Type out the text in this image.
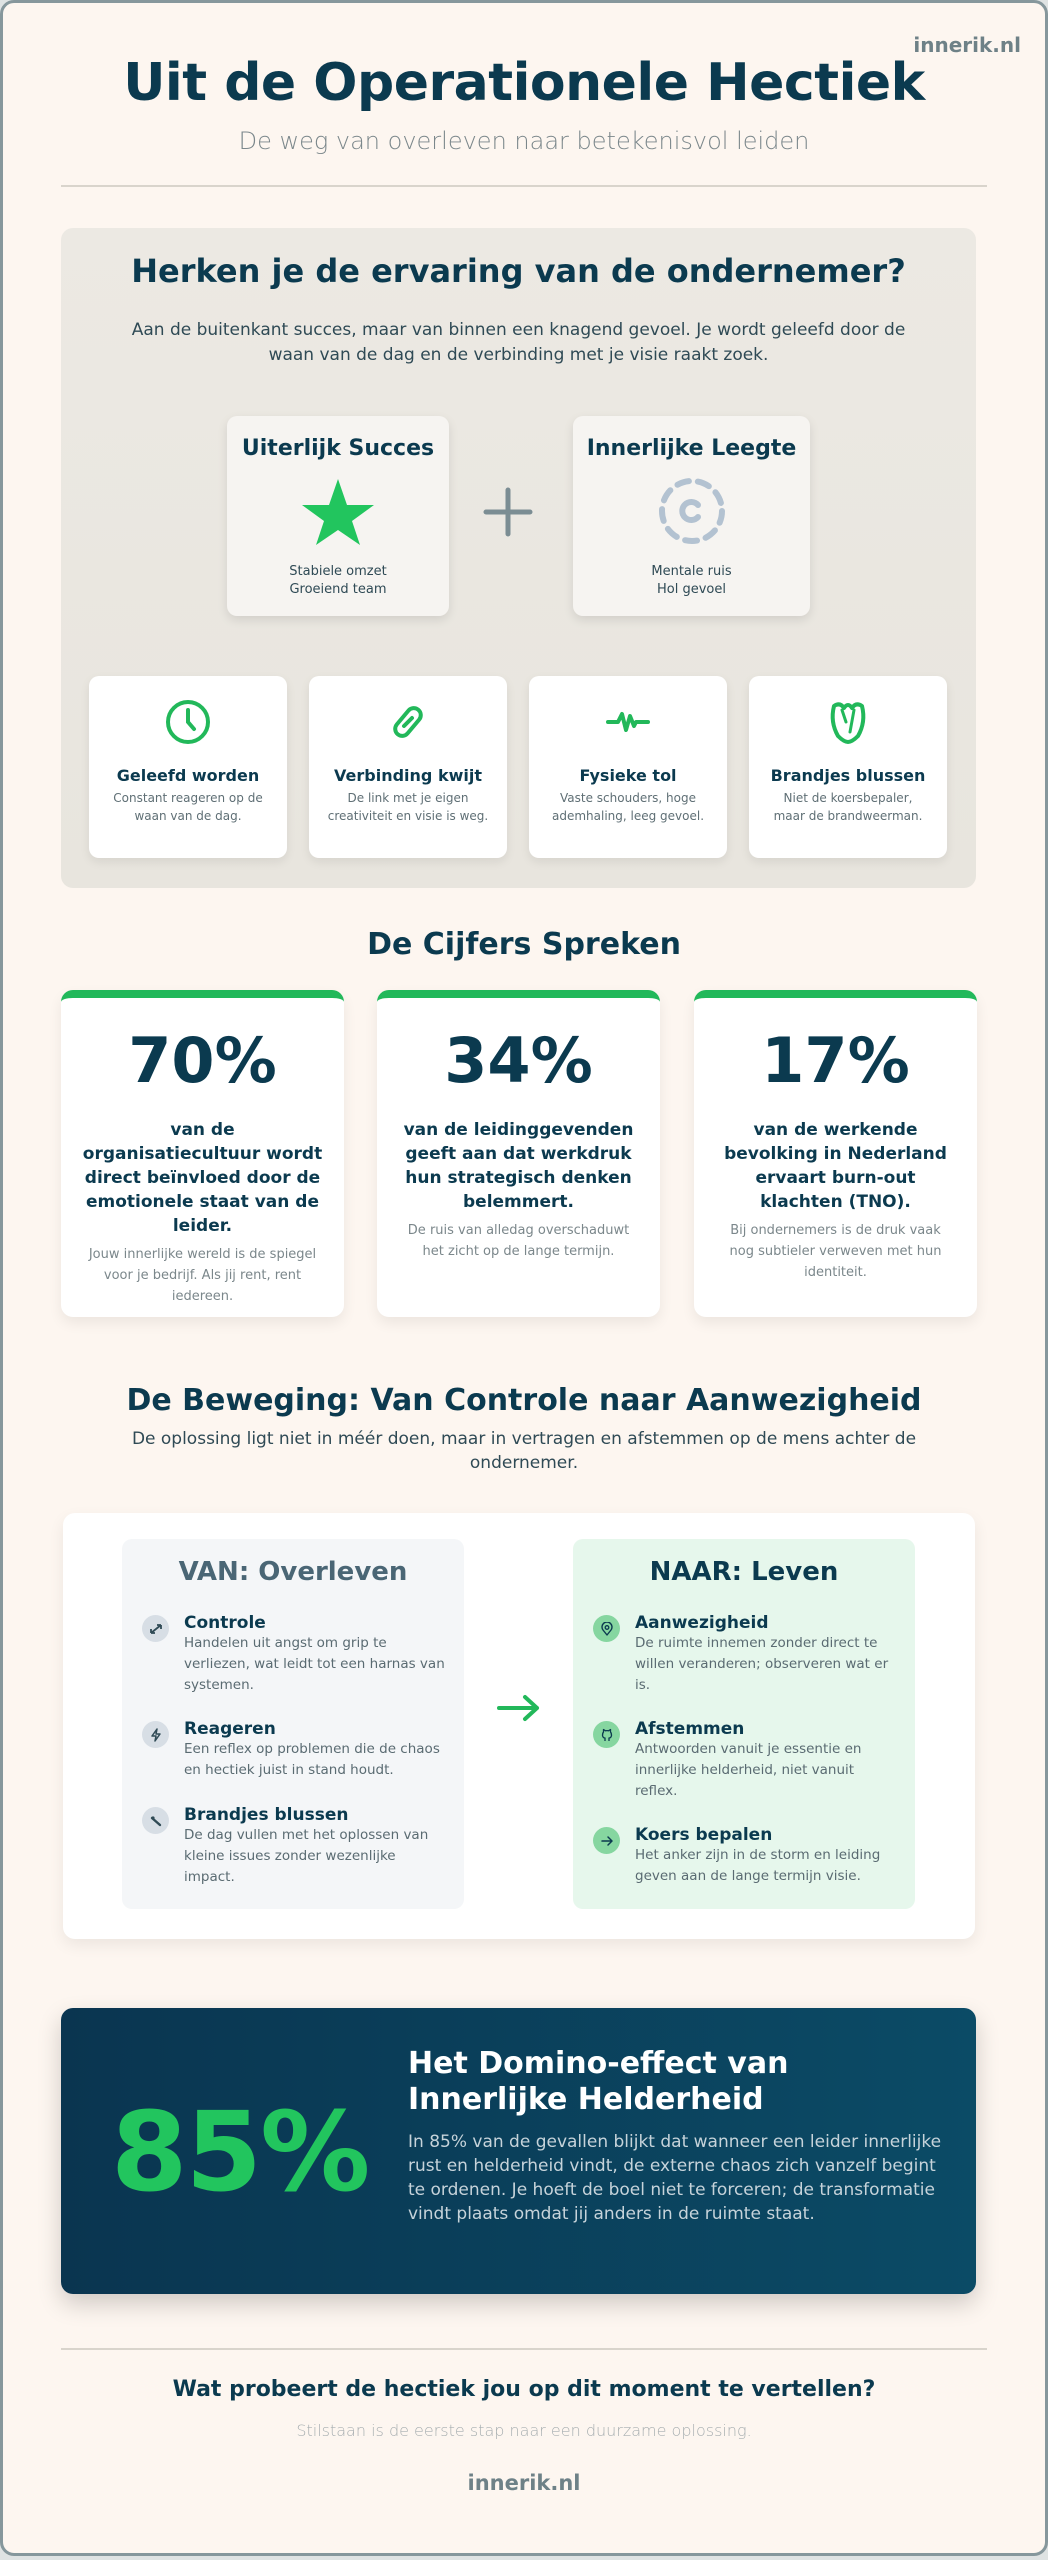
innerik.nl
Uit de Operationele Hectiek
De weg van overleven naar betekenisvol leiden
Herken je de ervaring van de ondernemer?

Aan de buitenkant succes, maar van binnen een knagend gevoel. Je wordt geleefd door de waan van de dag en de verbinding met je visie raakt zoek.

Uiterlijk Succes
Stabiele omzet
Groeiend team
Innerlijke Leegte
Mentale ruis
Hol gevoel
Geleefd worden
Constant reageren op de waan van de dag.
Verbinding kwijt
De link met je eigen creativiteit en visie is weg.
Fysieke tol
Vaste schouders, hoge ademhaling, leeg gevoel.
Brandjes blussen
Niet de koersbepaler, maar de brandweerman.
De Cijfers Spreken
70%
van de organisatiecultuur wordt direct beïnvloed door de emotionele staat van de leider.
Jouw innerlijke wereld is de spiegel voor je bedrijf. Als jij rent, rent iedereen.
34%
van de leidinggevenden geeft aan dat werkdruk hun strategisch denken belemmert.
De ruis van alledag overschaduwt het zicht op de lange termijn.
17%
van de werkende bevolking in Nederland ervaart burn-out klachten (TNO).
Bij ondernemers is de druk vaak nog subtieler verweven met hun identiteit.
De Beweging: Van Controle naar Aanwezigheid

De oplossing ligt niet in méér doen, maar in vertragen en afstemmen op de mens achter de ondernemer.

VAN: Overleven
Controle
Handelen uit angst om grip te verliezen, wat leidt tot een harnas van systemen.
Reageren
Een reflex op problemen die de chaos en hectiek juist in stand houdt.
Brandjes blussen
De dag vullen met het oplossen van kleine issues zonder wezenlijke impact.
NAAR: Leven
Aanwezigheid
De ruimte innemen zonder direct te willen veranderen; observeren wat er is.
Afstemmen
Antwoorden vanuit je essentie en innerlijke helderheid, niet vanuit reflex.
Koers bepalen
Het anker zijn in de storm en leiding geven aan de lange termijn visie.
85%
Het Domino-effect van Innerlijke Helderheid

In 85% van de gevallen blijkt dat wanneer een leider innerlijke rust en helderheid vindt, de externe chaos zich vanzelf begint te ordenen. Je hoeft de boel niet te forceren; de transformatie vindt plaats omdat jij anders in de ruimte staat.

Wat probeert de hectiek jou op dit moment te vertellen?
Stilstaan is de eerste stap naar een duurzame oplossing.
innerik.nl
